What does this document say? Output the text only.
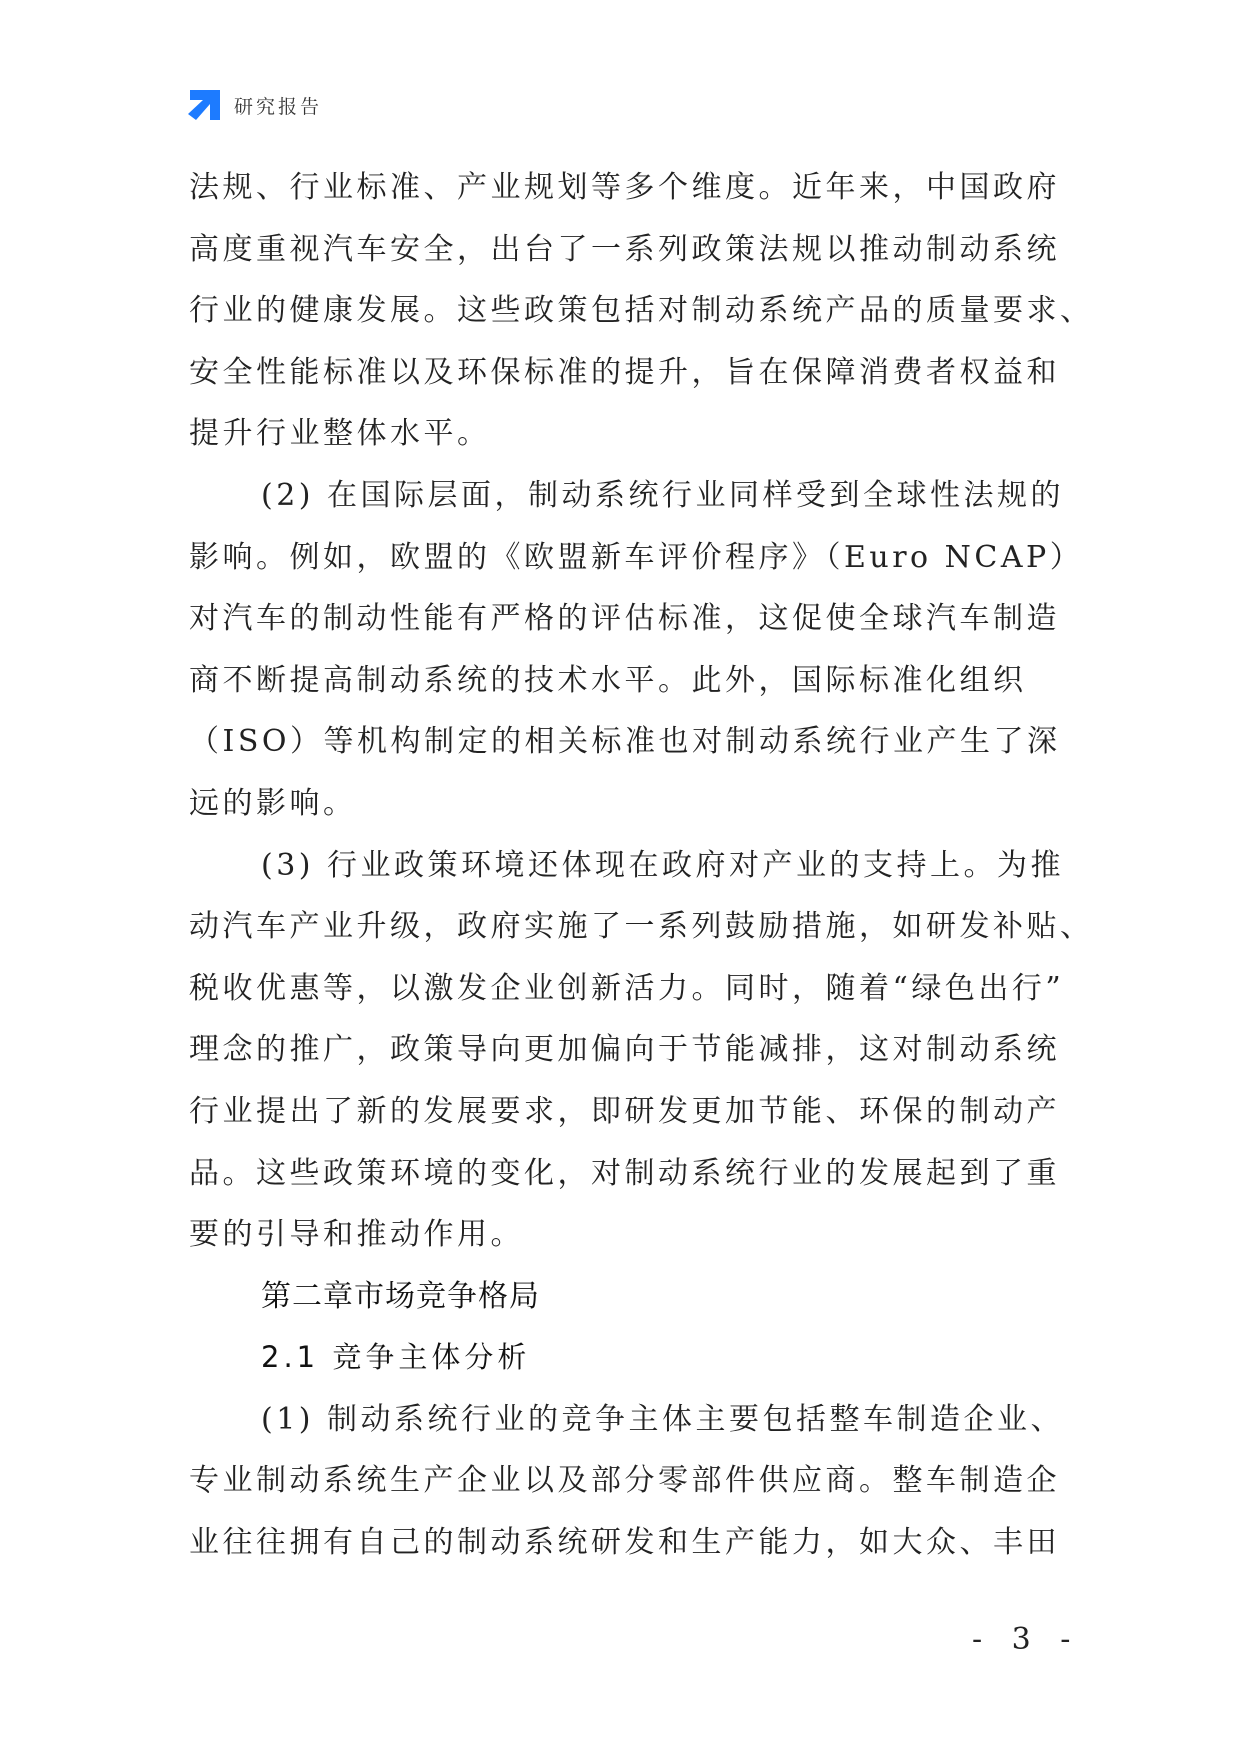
研究报告
法规、行业标准、产业规划等多个维度。近年来，中国政府
高度重视汽车安全，出台了一系列政策法规以推动制动系统
行业的健康发展。这些政策包括对制动系统产品的质量要求、
安全性能标准以及环保标准的提升，旨在保障消费者权益和
提升行业整体水平。
(2) 在国际层面，制动系统行业同样受到全球性法规的
影响。例如，欧盟的《欧盟新车评价程序》（Euro NCAP）
对汽车的制动性能有严格的评估标准，这促使全球汽车制造
商不断提高制动系统的技术水平。此外，国际标准化组织
（ISO）等机构制定的相关标准也对制动系统行业产生了深
远的影响。
(3) 行业政策环境还体现在政府对产业的支持上。为推
动汽车产业升级，政府实施了一系列鼓励措施，如研发补贴、
税收优惠等，以激发企业创新活力。同时，随着“绿色出行”
理念的推广，政策导向更加偏向于节能减排，这对制动系统
行业提出了新的发展要求，即研发更加节能、环保的制动产
品。这些政策环境的变化，对制动系统行业的发展起到了重
要的引导和推动作用。
第二章市场竞争格局
2.1 竞争主体分析
(1) 制动系统行业的竞争主体主要包括整车制造企业、
专业制动系统生产企业以及部分零部件供应商。整车制造企
业往往拥有自己的制动系统研发和生产能力，如大众、丰田
- 3 -
